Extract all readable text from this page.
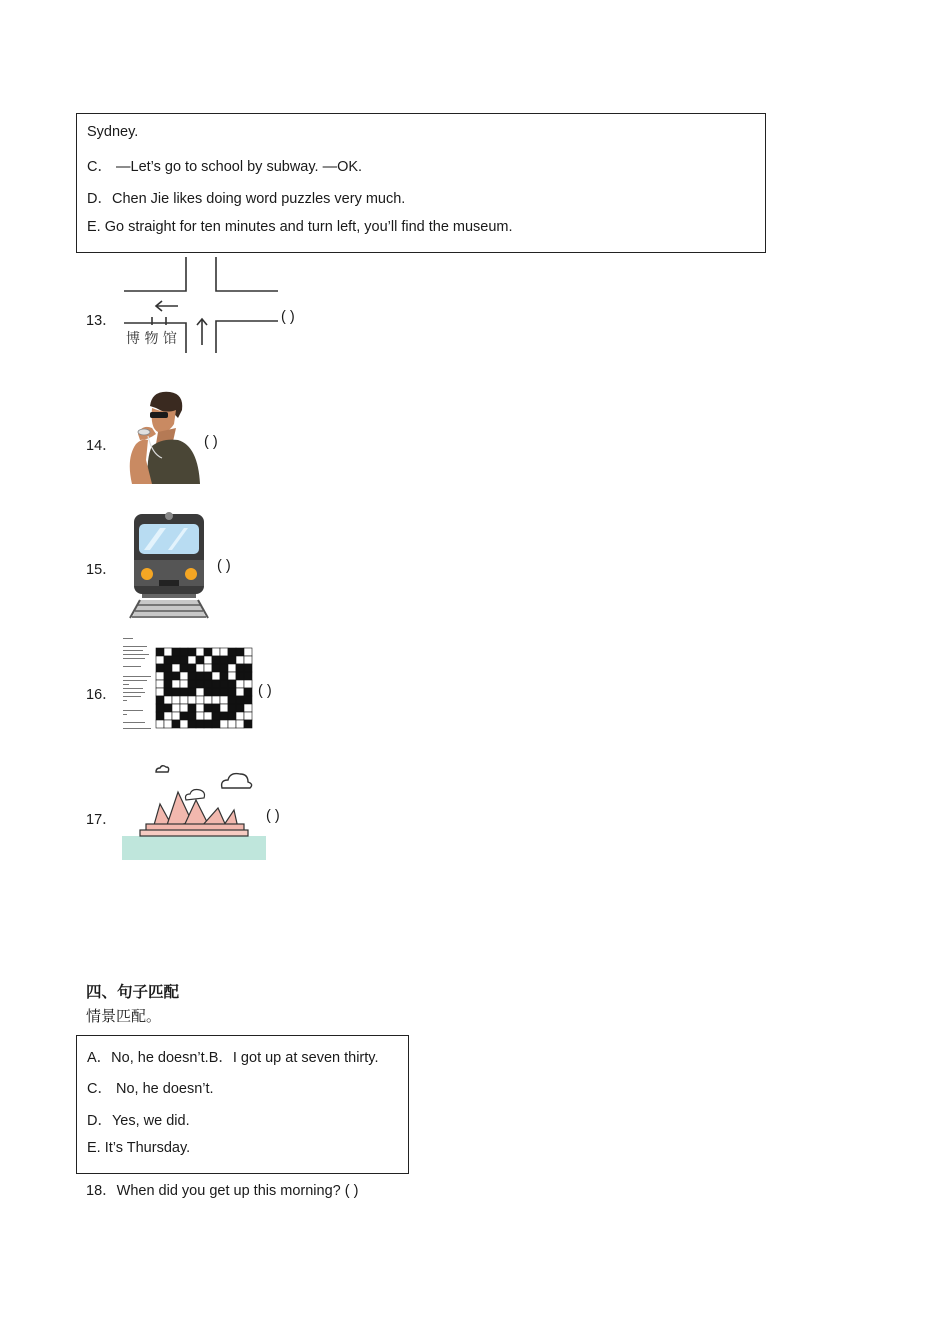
Sydney.
C． —Let’s go to school by subway. —OK.
D．Chen Jie likes doing word puzzles very much.
E. Go straight for ten minutes and turn left, you’ll find the museum.
13．
博 物 馆
( )
14．	( )
15．	( )
16．	( )
17．	( )
四、句子匹配
情景匹配。
A．No, he doesn’t.B．I got up at seven thirty.
C． No, he doesn’t.
D．Yes, we did.
E. It’s Thursday.
18．When did you get up this morning? ( )
